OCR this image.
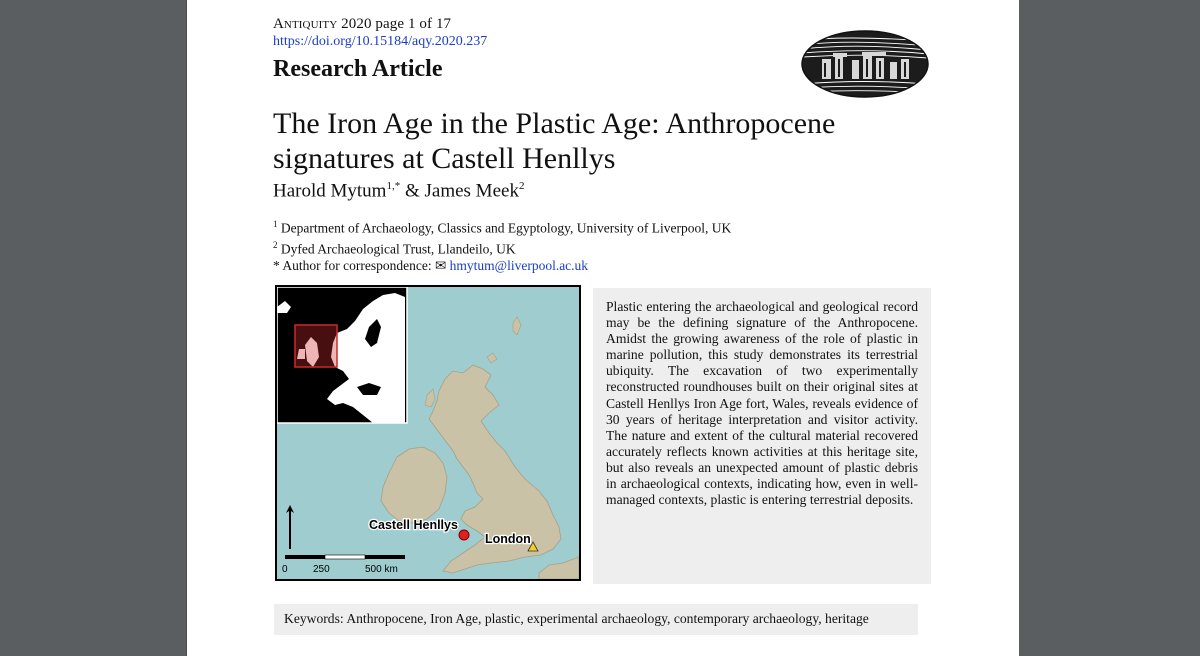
Antiquity 2020 page 1 of 17
https://doi.org/10.15184/aqy.2020.237
Research Article
The Iron Age in the Plastic Age: Anthropocene signatures at Castell Henllys
Harold Mytum$^{1,*}$ & James Meek$^2$
$^1$ Department of Archaeology, Classics and Egyptology, University of Liverpool, UK
$^2$ Dyfed Archaeological Trust, Llandeilo, UK
* Author for correspondence: ✉ hmytum@liverpool.ac.uk
0	250	500 km
Castell Henllys
London
Plastic entering the archaeological and geological record may be the defining signature of the Anthropocene. Amidst the growing awareness of the role of plastic in marine pollution, this study demonstrates its terrestrial ubiquity. The excavation of two experimentally reconstructed roundhouses built on their original sites at Castell Henllys Iron Age fort, Wales, reveals evidence of 30 years of heritage interpretation and visitor activity. The nature and extent of the cultural material recovered accurately reflects known activities at this heritage site, but also reveals an unexpected amount of plastic debris in archaeological contexts, indicating how, even in well-managed contexts, plastic is entering terrestrial deposits.
Keywords: Anthropocene, Iron Age, plastic, experimental archaeology, contemporary archaeology, heritage
